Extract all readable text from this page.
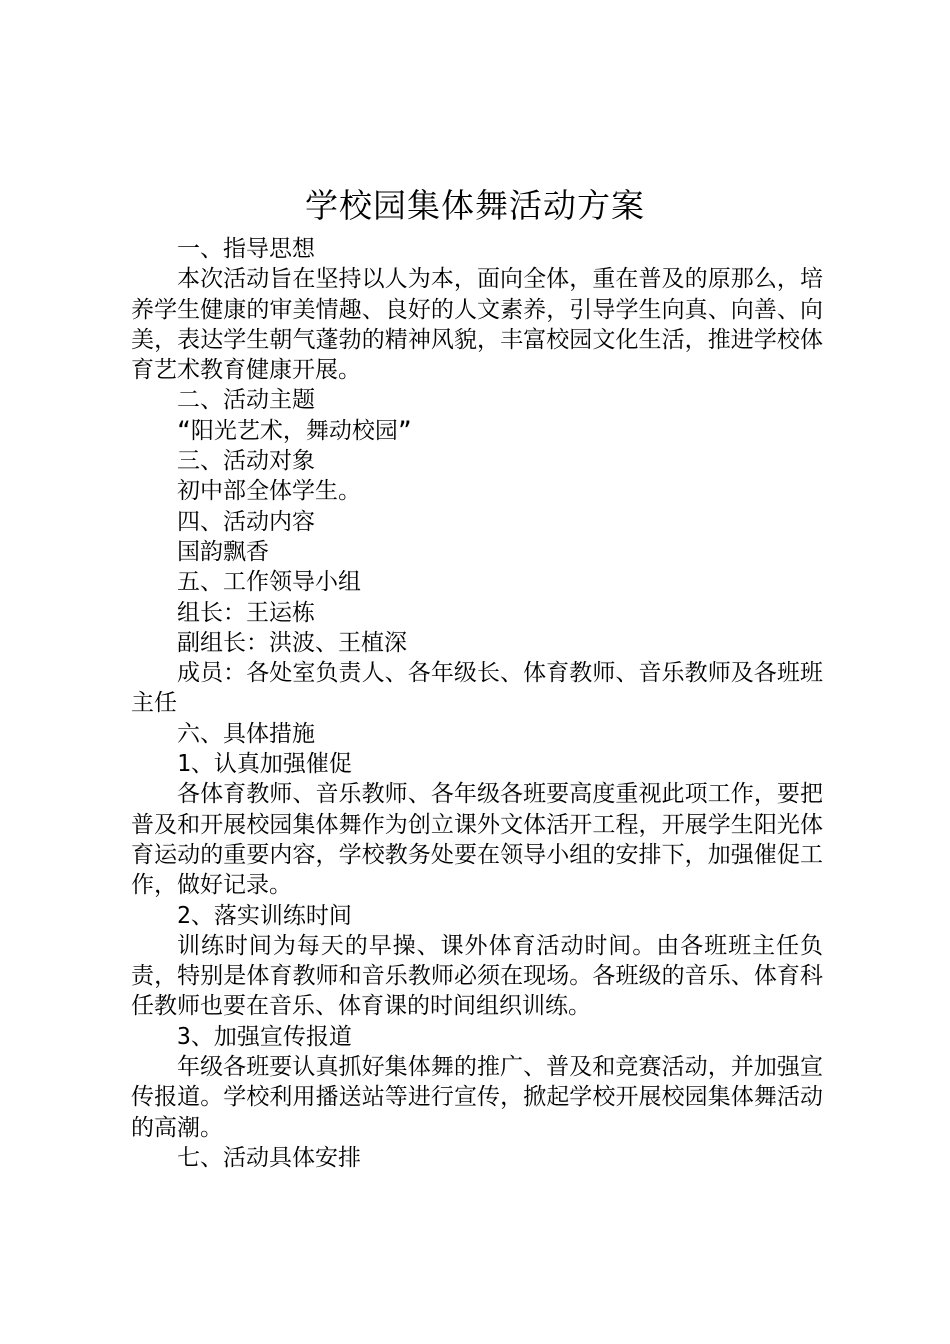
学校园集体舞活动方案

一、指导思想

本次活动旨在坚持以人为本，面向全体，重在普及的原那么，培养学生健康的审美情趣、良好的人文素养，引导学生向真、向善、向美，表达学生朝气蓬勃的精神风貌，丰富校园文化生活，推进学校体育艺术教育健康开展。

二、活动主题

“阳光艺术，舞动校园”

三、活动对象

初中部全体学生。

四、活动内容

国韵飘香

五、工作领导小组

组长：王运栋

副组长：洪波、王植深

成员：各处室负责人、各年级长、体育教师、音乐教师及各班班主任

六、具体措施

1、认真加强催促

各体育教师、音乐教师、各年级各班要高度重视此项工作，要把普及和开展校园集体舞作为创立课外文体活开工程，开展学生阳光体育运动的重要内容，学校教务处要在领导小组的安排下，加强催促工作，做好记录。

2、落实训练时间

训练时间为每天的早操、课外体育活动时间。由各班班主任负责，特别是体育教师和音乐教师必须在现场。各班级的音乐、体育科任教师也要在音乐、体育课的时间组织训练。

3、加强宣传报道

年级各班要认真抓好集体舞的推广、普及和竞赛活动，并加强宣传报道。学校利用播送站等进行宣传，掀起学校开展校园集体舞活动的高潮。

七、活动具体安排
